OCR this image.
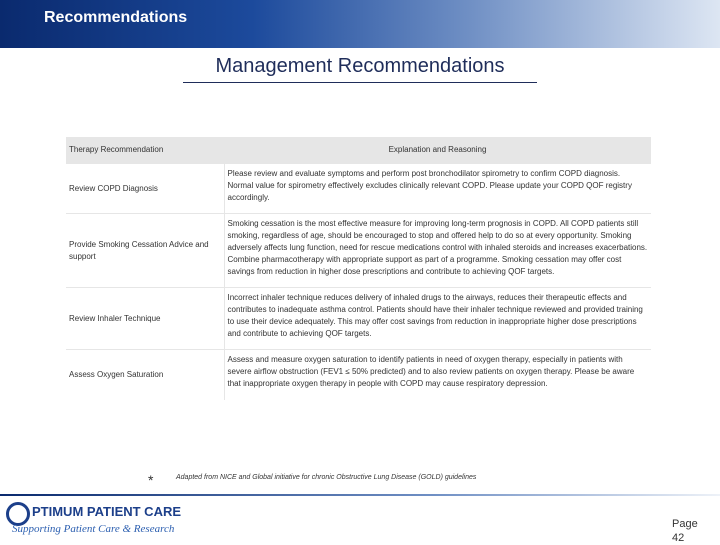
Recommendations
Management Recommendations
Therapy Recommendation	Explanation and Reasoning
Review COPD Diagnosis	Please review and evaluate symptoms and perform post bronchodilator spirometry to confirm COPD diagnosis. Normal value for spirometry effectively excludes clinically relevant COPD. Please update your COPD QOF registry accordingly.
Provide Smoking Cessation Advice and support	Smoking cessation is the most effective measure for improving long-term prognosis in COPD. All COPD patients still smoking, regardless of age, should be encouraged to stop and offered help to do so at every opportunity. Smoking adversely affects lung function, need for rescue medications control with inhaled steroids and increases exacerbations. Combine pharmacotherapy with appropriate support as part of a programme. Smoking cessation may offer cost savings from reduction in higher dose prescriptions and contribute to achieving QOF targets.
Review Inhaler Technique	Incorrect inhaler technique reduces delivery of inhaled drugs to the airways, reduces their therapeutic effects and contributes to inadequate asthma control. Patients should have their inhaler technique reviewed and provided training to use their device adequately. This may offer cost savings from reduction in inappropriate higher dose prescriptions and contribute to achieving QOF targets.
Assess Oxygen Saturation	Assess and measure oxygen saturation to identify patients in need of oxygen therapy, especially in patients with severe airflow obstruction (FEV1 ≤ 50% predicted) and to also review patients on oxygen therapy. Please be aware that inappropriate oxygen therapy in people with COPD may cause respiratory depression.
*	Adapted from NICE and Global initiative for chronic Obstructive Lung Disease (GOLD) guidelines
PTIMUM PATIENT CARE
Supporting Patient Care & Research	Page 42
